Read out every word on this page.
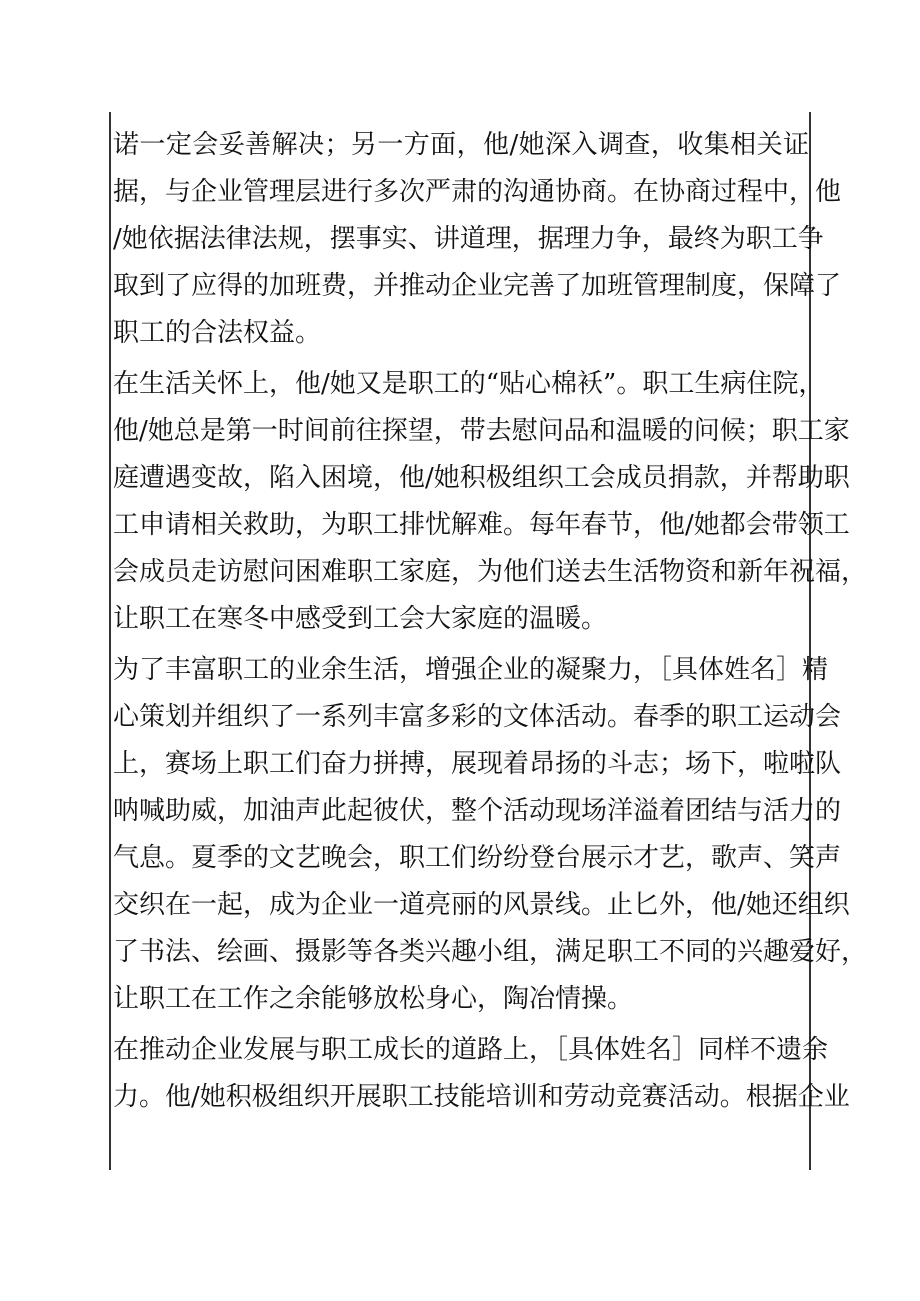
诺一定会妥善解决；另一方面，他/她深入调查，收集相关证
据，与企业管理层进行多次严肃的沟通协商。在协商过程中，他
/她依据法律法规，摆事实、讲道理，据理力争，最终为职工争
取到了应得的加班费，并推动企业完善了加班管理制度，保障了
职工的合法权益。
在生活关怀上，他/她又是职工的“贴心棉袄”。职工生病住院，
他/她总是第一时间前往探望，带去慰问品和温暖的问候；职工家
庭遭遇变故，陷入困境，他/她积极组织工会成员捐款，并帮助职
工申请相关救助，为职工排忧解难。每年春节，他/她都会带领工
会成员走访慰问困难职工家庭，为他们送去生活物资和新年祝福，
让职工在寒冬中感受到工会大家庭的温暖。
为了丰富职工的业余生活，增强企业的凝聚力，［具体姓名］精
心策划并组织了一系列丰富多彩的文体活动。春季的职工运动会
上，赛场上职工们奋力拼搏，展现着昂扬的斗志；场下，啦啦队
呐喊助威，加油声此起彼伏，整个活动现场洋溢着团结与活力的
气息。夏季的文艺晚会，职工们纷纷登台展示才艺，歌声、笑声
交织在一起，成为企业一道亮丽的风景线。止匕外，他/她还组织
了书法、绘画、摄影等各类兴趣小组，满足职工不同的兴趣爱好，
让职工在工作之余能够放松身心，陶冶情操。
在推动企业发展与职工成长的道路上，［具体姓名］同样不遗余
力。他/她积极组织开展职工技能培训和劳动竞赛活动。根据企业
